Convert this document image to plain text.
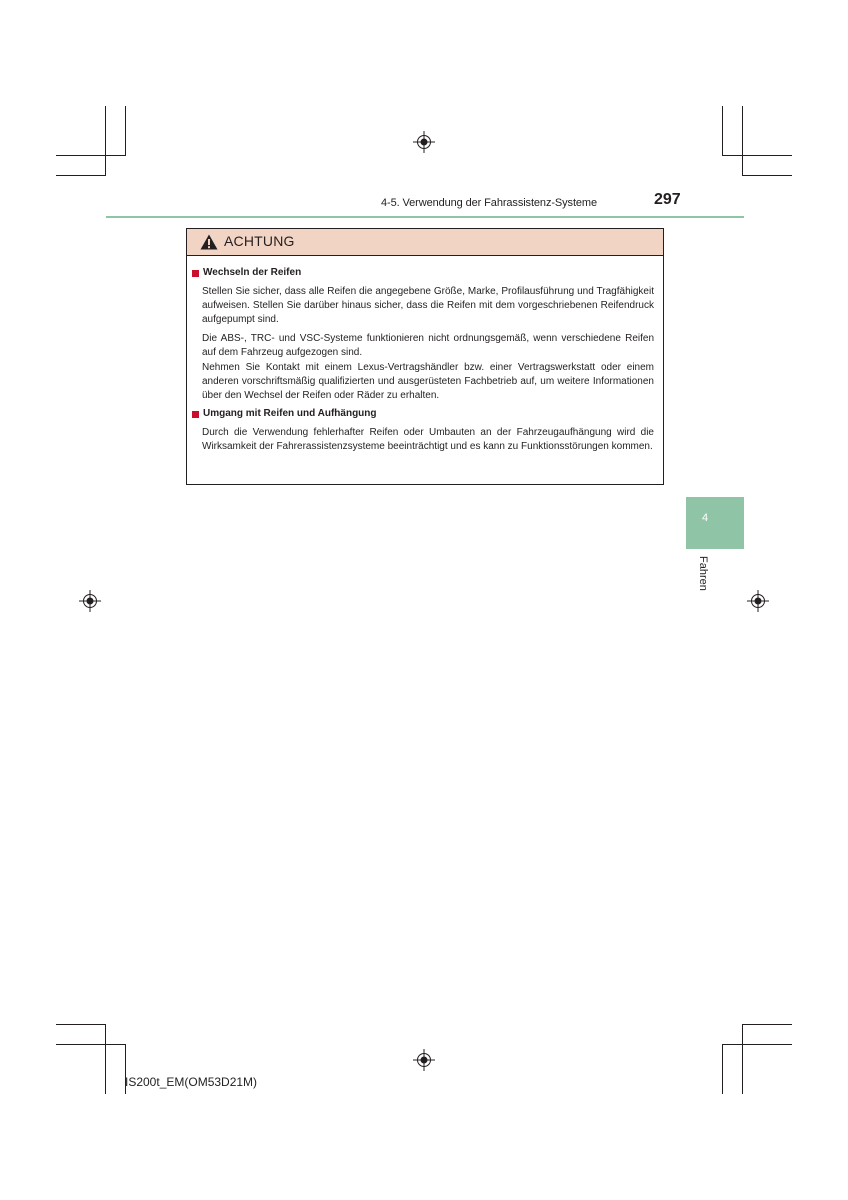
4-5. Verwendung der Fahrassistenz-Systeme	297
ACHTUNG
Wechseln der Reifen
Stellen Sie sicher, dass alle Reifen die angegebene Größe, Marke, Profilausführung und Tragfähigkeit aufweisen. Stellen Sie darüber hinaus sicher, dass die Reifen mit dem vorgeschriebenen Reifendruck aufgepumpt sind.
Die ABS-, TRC- und VSC-Systeme funktionieren nicht ordnungsgemäß, wenn verschiedene Reifen auf dem Fahrzeug aufgezogen sind.
Nehmen Sie Kontakt mit einem Lexus-Vertragshändler bzw. einer Vertragswerkstatt oder einem anderen vorschriftsmäßig qualifizierten und ausgerüsteten Fachbetrieb auf, um weitere Informationen über den Wechsel der Reifen oder Räder zu erhalten.
Umgang mit Reifen und Aufhängung
Durch die Verwendung fehlerhafter Reifen oder Umbauten an der Fahrzeugaufhängung wird die Wirksamkeit der Fahrerassistenzsysteme beeinträchtigt und es kann zu Funktionsstörungen kommen.
4
Fahren
IS200t_EM(OM53D21M)
